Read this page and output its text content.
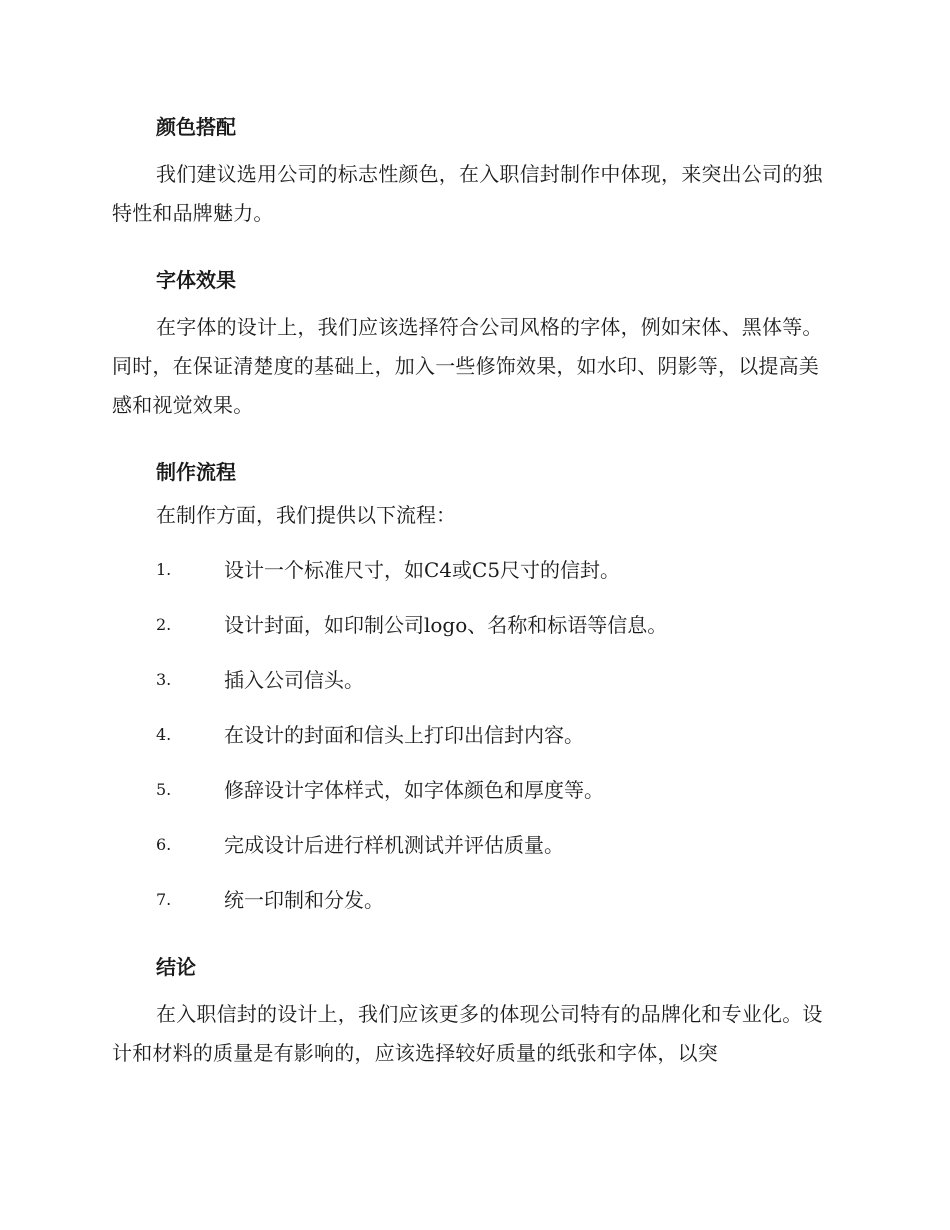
颜色搭配

我们建议选用公司的标志性颜色，在入职信封制作中体现，来突出公司的独特性和品牌魅力。

字体效果

在字体的设计上，我们应该选择符合公司风格的字体，例如宋体、黑体等。同时，在保证清楚度的基础上，加入一些修饰效果，如水印、阴影等，以提高美感和视觉效果。

制作流程

在制作方面，我们提供以下流程：

1.	设计一个标准尺寸，如C4或C5尺寸的信封。
2.	设计封面，如印制公司logo、名称和标语等信息。
3.	插入公司信头。
4.	在设计的封面和信头上打印出信封内容。
5.	修辞设计字体样式，如字体颜色和厚度等。
6.	完成设计后进行样机测试并评估质量。
7.	统一印制和分发。
结论

在入职信封的设计上，我们应该更多的体现公司特有的品牌化和专业化。设计和材料的质量是有影响的，应该选择较好质量的纸张和字体，以突
